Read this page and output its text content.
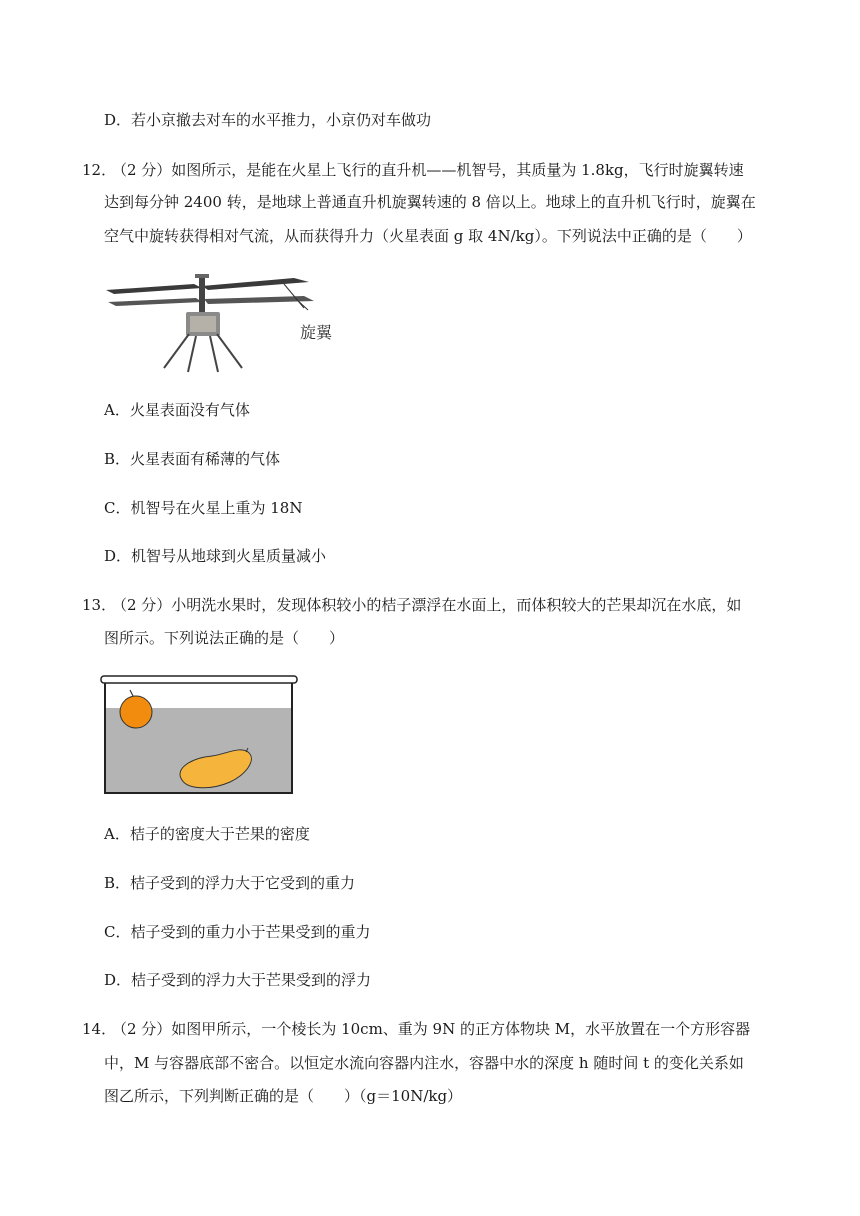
D．若小京撤去对车的水平推力，小京仍对车做功
12．
（2 分）如图所示，是能在火星上飞行的直升机——机智号，其质量为 1.8kg，飞行时旋翼转速
达到每分钟 2400 转，是地球上普通直升机旋翼转速的 8 倍以上。地球上的直升机飞行时，旋翼在
空气中旋转获得相对气流，从而获得升力（火星表面 g 取 4N/kg）。下列说法中正确的是（　　）
旋翼
A．火星表面没有气体
B．火星表面有稀薄的气体
C．机智号在火星上重为 18N
D．机智号从地球到火星质量减小
13．
（2 分）小明洗水果时，发现体积较小的桔子漂浮在水面上，而体积较大的芒果却沉在水底，如
图所示。下列说法正确的是（　　）
A．桔子的密度大于芒果的密度
B．桔子受到的浮力大于它受到的重力
C．桔子受到的重力小于芒果受到的重力
D．桔子受到的浮力大于芒果受到的浮力
14．
（2 分）如图甲所示，一个棱长为 10cm、重为 9N 的正方体物块 M，水平放置在一个方形容器
中，M 与容器底部不密合。以恒定水流向容器内注水，容器中水的深度 h 随时间 t 的变化关系如
图乙所示，下列判断正确的是（　　）（g＝10N/kg）
